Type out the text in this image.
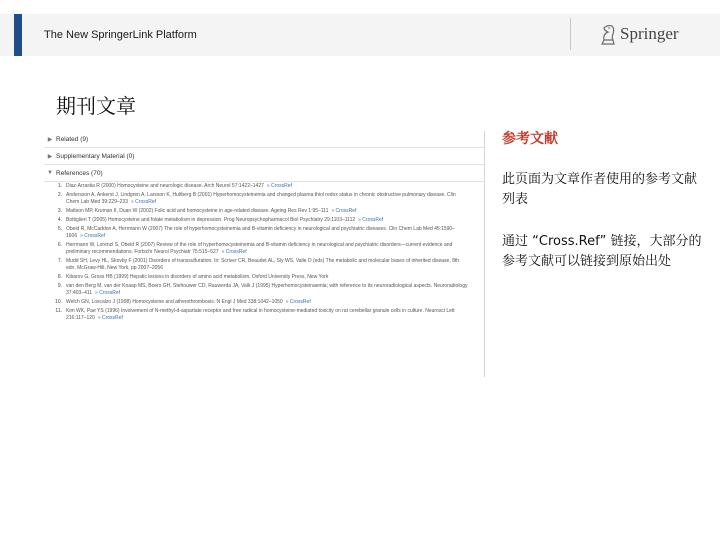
The New SpringerLink Platform	Springer
期刊文章
▶ Related (9)
▶ Supplementary Material (0)
▼ References (70)
1. Diaz-Arrastia R (2000) Homocysteine and neurologic disease. Arch Neurol 57:1422–1427 » CrossRef
2. Andersson A, Ankerst J, Lindgren A, Larsson K, Hultberg B (2001) Hyperhomocysteinemia and changed plasma thiol redox status in chronic obstructive pulmonary disease. Clin Chem Lab Med 39:229–233 » CrossRef
3. Mattson MP, Kruman II, Duan W (2002) Folic acid and homocysteine in age-related disease. Ageing Res Rev 1:95–111 » CrossRef
4. Bottiglieri T (2005) Homocysteine and folate metabolism in depression. Prog Neuropsychopharmacol Biol Psychiatry 29:1103–1112 » CrossRef
5. Obeid R, McCaddon A, Herrmann W (2007) The role of hyperhomocysteinemia and B-vitamin deficiency in neurological and psychiatric diseases. Clin Chem Lab Med 45:1590–1606 » CrossRef
6. Herrmann W, Lorenzl S, Obeid R (2007) Review of the role of hyperhomocysteinemia and B-vitamin deficiency in neurological and psychiatric disorders—current evidence and preliminary recommendations. Fortschr Neurol Psychiatr 75:515–527 » CrossRef
7. Mudd SH, Levy HL, Skovby F (2001) Disorders of transsulfuration. In: Scriver CR, Beaudet AL, Sly WS, Valle D (eds) The metabolic and molecular bases of inherited disease, 8th edn. McGraw-Hill, New York, pp 2007–2056
8. Kibarov G, Gross HB (1999) Hepatic lesions in disorders of amino acid metabolism. Oxford University Press, New York
9. van den Berg M, van der Knaap MS, Boers GH, Stehouwer CD, Rauwerda JA, Valk J (1995) Hyperhomocysteinaemia; with reference to its neuroradiological aspects. Neuroradiology 37:403–411 » CrossRef
10. Welch GN, Loscalzo J (1998) Homocysteine and atherothrombosis. N Engl J Med 338:1042–1050 » CrossRef
11. Kim WK, Pae YS (1996) Involvement of N-methyl-d-aspartate receptor and free radical in homocysteine-mediated toxicity on rat cerebellar granule cells in culture. Neurosci Lett 216:117–120 » CrossRef
参考文献
此页面为文章作者使用的参考文献列表
通过 “Cross.Ref” 链接，大部分的参考文献可以链接到原始出处
